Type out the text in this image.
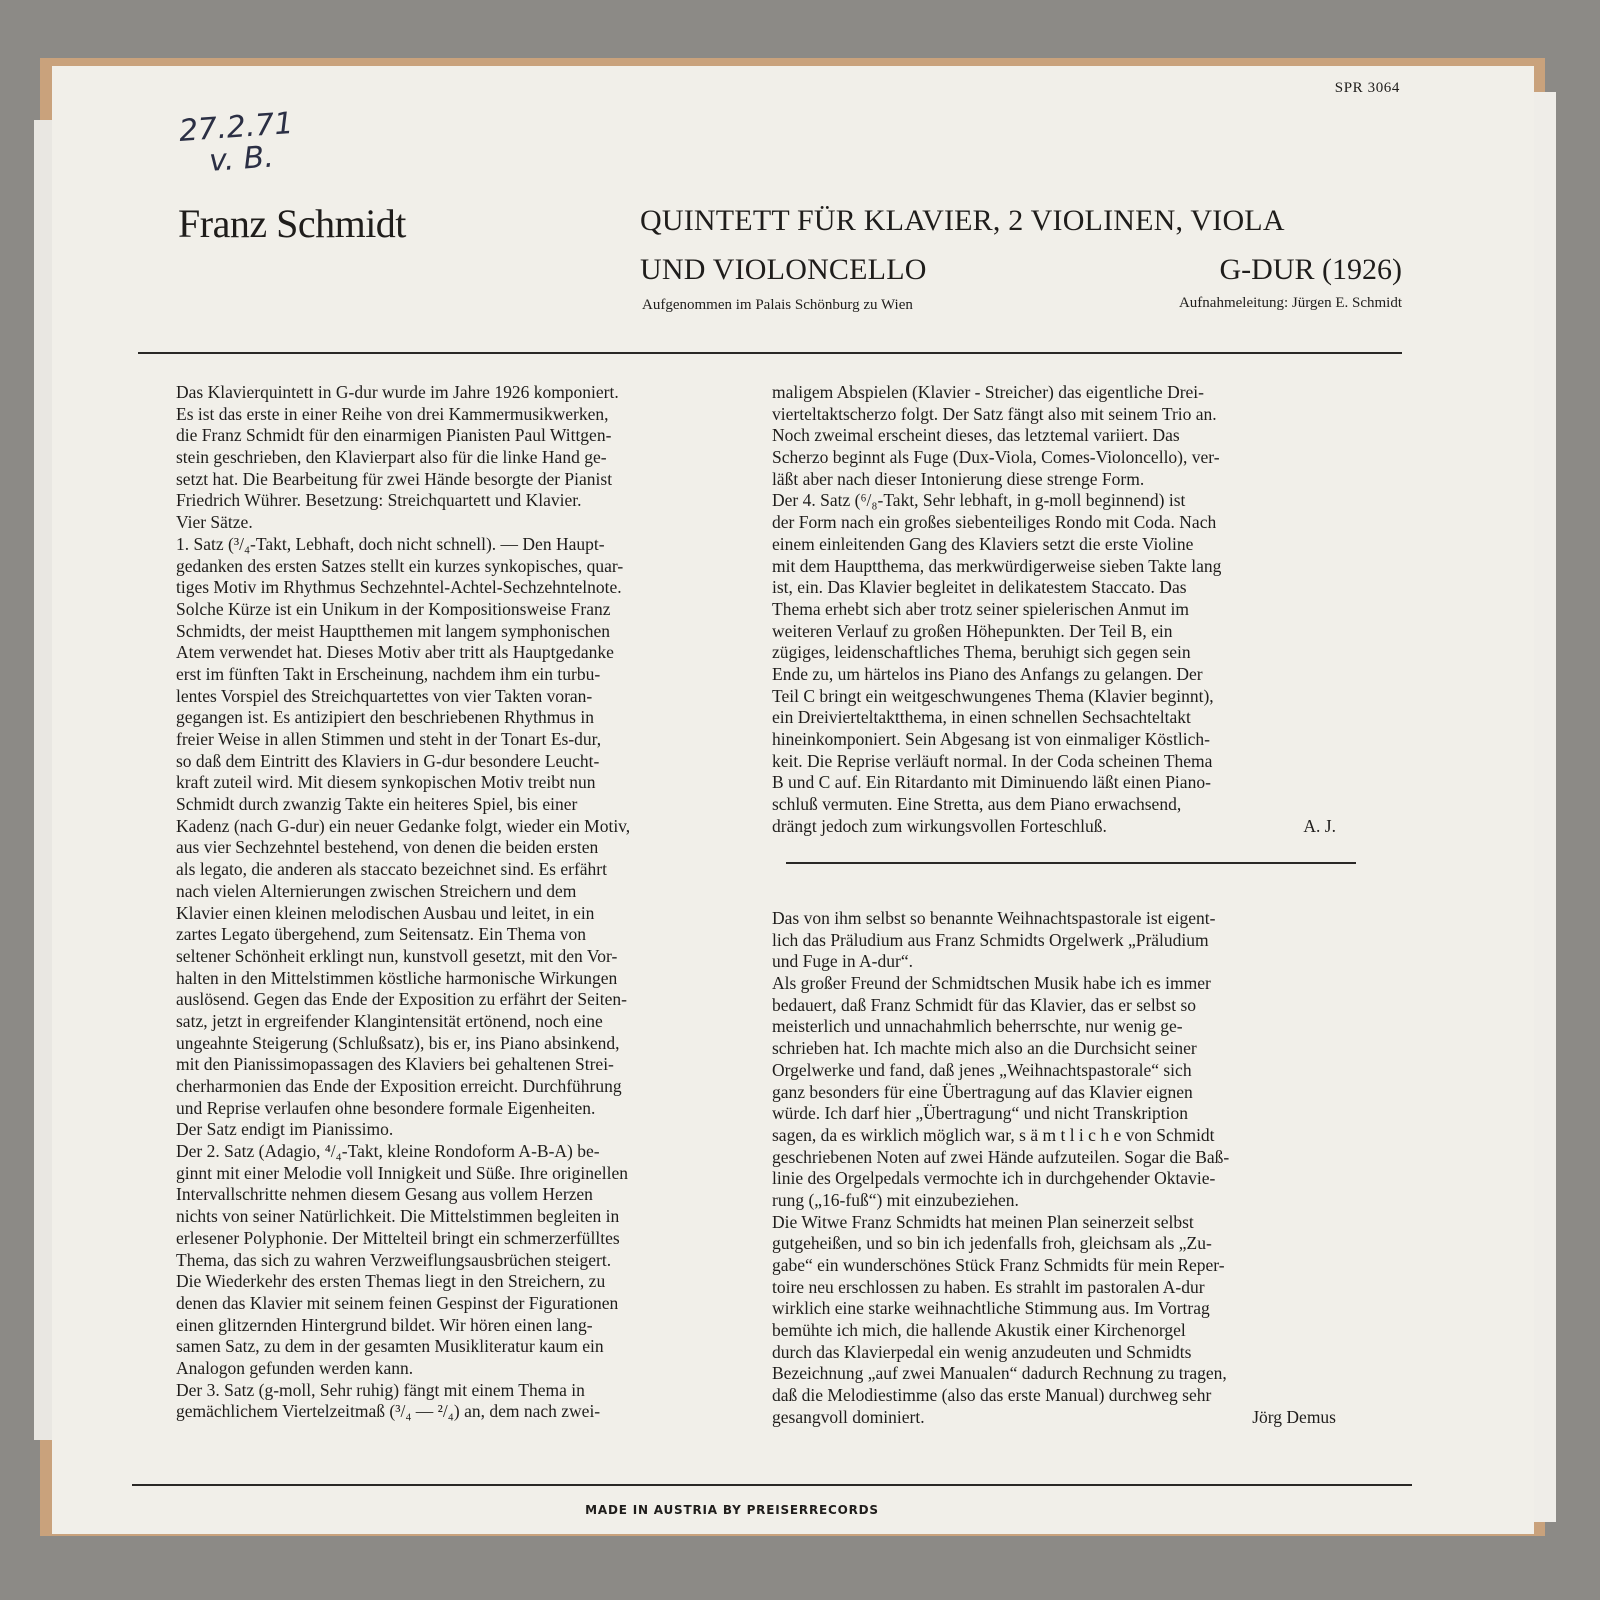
SPR 3064
27.2.71
v. B.
Franz Schmidt	QUINTETT FÜR KLAVIER, 2 VIOLINEN, VIOLA
UND VIOLONCELLO	G-DUR (1926)
Aufgenommen im Palais Schönburg zu Wien	Aufnahmeleitung: Jürgen E. Schmidt
Das Klavierquintett in G-dur wurde im Jahre 1926 komponiert.
Es ist das erste in einer Reihe von drei Kammermusikwerken,
die Franz Schmidt für den einarmigen Pianisten Paul Wittgen-
stein geschrieben, den Klavierpart also für die linke Hand ge-
setzt hat. Die Bearbeitung für zwei Hände besorgte der Pianist
Friedrich Wührer. Besetzung: Streichquartett und Klavier.
Vier Sätze.
1. Satz (³/₄-Takt, Lebhaft, doch nicht schnell). — Den Haupt-
gedanken des ersten Satzes stellt ein kurzes synkopisches, quar-
tiges Motiv im Rhythmus Sechzehntel-Achtel-Sechzehntelnote.
Solche Kürze ist ein Unikum in der Kompositionsweise Franz
Schmidts, der meist Hauptthemen mit langem symphonischen
Atem verwendet hat. Dieses Motiv aber tritt als Hauptgedanke
erst im fünften Takt in Erscheinung, nachdem ihm ein turbu-
lentes Vorspiel des Streichquartettes von vier Takten voran-
gegangen ist. Es antizipiert den beschriebenen Rhythmus in
freier Weise in allen Stimmen und steht in der Tonart Es-dur,
so daß dem Eintritt des Klaviers in G-dur besondere Leucht-
kraft zuteil wird. Mit diesem synkopischen Motiv treibt nun
Schmidt durch zwanzig Takte ein heiteres Spiel, bis einer
Kadenz (nach G-dur) ein neuer Gedanke folgt, wieder ein Motiv,
aus vier Sechzehntel bestehend, von denen die beiden ersten
als legato, die anderen als staccato bezeichnet sind. Es erfährt
nach vielen Alternierungen zwischen Streichern und dem
Klavier einen kleinen melodischen Ausbau und leitet, in ein
zartes Legato übergehend, zum Seitensatz. Ein Thema von
seltener Schönheit erklingt nun, kunstvoll gesetzt, mit den Vor-
halten in den Mittelstimmen köstliche harmonische Wirkungen
auslösend. Gegen das Ende der Exposition zu erfährt der Seiten-
satz, jetzt in ergreifender Klangintensität ertönend, noch eine
ungeahnte Steigerung (Schlußsatz), bis er, ins Piano absinkend,
mit den Pianissimopassagen des Klaviers bei gehaltenen Strei-
cherharmonien das Ende der Exposition erreicht. Durchführung
und Reprise verlaufen ohne besondere formale Eigenheiten.
Der Satz endigt im Pianissimo.
Der 2. Satz (Adagio, ⁴/₄-Takt, kleine Rondoform A-B-A) be-
ginnt mit einer Melodie voll Innigkeit und Süße. Ihre originellen
Intervallschritte nehmen diesem Gesang aus vollem Herzen
nichts von seiner Natürlichkeit. Die Mittelstimmen begleiten in
erlesener Polyphonie. Der Mittelteil bringt ein schmerzerfülltes
Thema, das sich zu wahren Verzweiflungsausbrüchen steigert.
Die Wiederkehr des ersten Themas liegt in den Streichern, zu
denen das Klavier mit seinem feinen Gespinst der Figurationen
einen glitzernden Hintergrund bildet. Wir hören einen lang-
samen Satz, zu dem in der gesamten Musikliteratur kaum ein
Analogon gefunden werden kann.
Der 3. Satz (g-moll, Sehr ruhig) fängt mit einem Thema in
gemächlichem Viertelzeitmaß (³/₄ — ²/₄) an, dem nach zwei-
maligem Abspielen (Klavier - Streicher) das eigentliche Drei-
vierteltaktscherzo folgt. Der Satz fängt also mit seinem Trio an.
Noch zweimal erscheint dieses, das letztemal variiert. Das
Scherzo beginnt als Fuge (Dux-Viola, Comes-Violoncello), ver-
läßt aber nach dieser Intonierung diese strenge Form.
Der 4. Satz (⁶/₈-Takt, Sehr lebhaft, in g-moll beginnend) ist
der Form nach ein großes siebenteiliges Rondo mit Coda. Nach
einem einleitenden Gang des Klaviers setzt die erste Violine
mit dem Hauptthema, das merkwürdigerweise sieben Takte lang
ist, ein. Das Klavier begleitet in delikatestem Staccato. Das
Thema erhebt sich aber trotz seiner spielerischen Anmut im
weiteren Verlauf zu großen Höhepunkten. Der Teil B, ein
zügiges, leidenschaftliches Thema, beruhigt sich gegen sein
Ende zu, um härtelos ins Piano des Anfangs zu gelangen. Der
Teil C bringt ein weitgeschwungenes Thema (Klavier beginnt),
ein Dreivierteltaktthema, in einen schnellen Sechsachteltakt
hineinkomponiert. Sein Abgesang ist von einmaliger Köstlich-
keit. Die Reprise verläuft normal. In der Coda scheinen Thema
B und C auf. Ein Ritardanto mit Diminuendo läßt einen Piano-
schluß vermuten. Eine Stretta, aus dem Piano erwachsend,
drängt jedoch zum wirkungsvollen Forteschluß.	A. J.
Das von ihm selbst so benannte Weihnachtspastorale ist eigent-
lich das Präludium aus Franz Schmidts Orgelwerk „Präludium
und Fuge in A-dur“.
Als großer Freund der Schmidtschen Musik habe ich es immer
bedauert, daß Franz Schmidt für das Klavier, das er selbst so
meisterlich und unnachahmlich beherrschte, nur wenig ge-
schrieben hat. Ich machte mich also an die Durchsicht seiner
Orgelwerke und fand, daß jenes „Weihnachtspastorale“ sich
ganz besonders für eine Übertragung auf das Klavier eignen
würde. Ich darf hier „Übertragung“ und nicht Transkription
sagen, da es wirklich möglich war, s ä m t l i c h e von Schmidt
geschriebenen Noten auf zwei Hände aufzuteilen. Sogar die Baß-
linie des Orgelpedals vermochte ich in durchgehender Oktavie-
rung („16-fuß“) mit einzubeziehen.
Die Witwe Franz Schmidts hat meinen Plan seinerzeit selbst
gutgeheißen, und so bin ich jedenfalls froh, gleichsam als „Zu-
gabe“ ein wunderschönes Stück Franz Schmidts für mein Reper-
toire neu erschlossen zu haben. Es strahlt im pastoralen A-dur
wirklich eine starke weihnachtliche Stimmung aus. Im Vortrag
bemühte ich mich, die hallende Akustik einer Kirchenorgel
durch das Klavierpedal ein wenig anzudeuten und Schmidts
Bezeichnung „auf zwei Manualen“ dadurch Rechnung zu tragen,
daß die Melodiestimme (also das erste Manual) durchweg sehr
gesangvoll dominiert.	Jörg Demus
MADE IN AUSTRIA BY PREISERRECORDS
